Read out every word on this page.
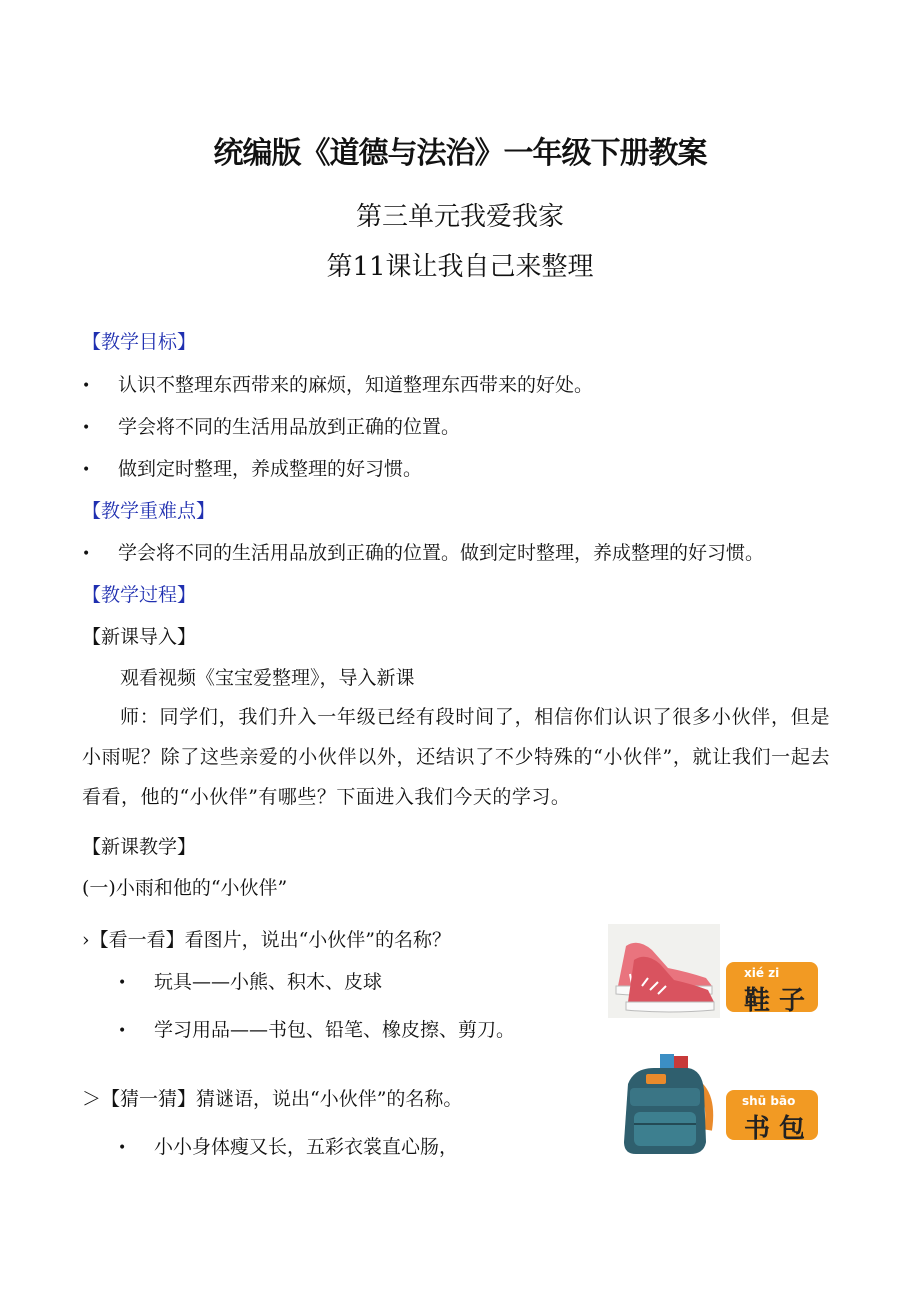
统编版《道德与法治》一年级下册教案
第三单元我爱我家
第11课让我自己来整理
【教学目标】
• 认识不整理东西带来的麻烦，知道整理东西带来的好处。
• 学会将不同的生活用品放到正确的位置。
• 做到定时整理，养成整理的好习惯。
【教学重难点】
• 学会将不同的生活用品放到正确的位置。做到定时整理，养成整理的好习惯。
【教学过程】
【新课导入】
观看视频《宝宝爱整理》，导入新课
师：同学们，我们升入一年级已经有段时间了，相信你们认识了很多小伙伴，但是小雨呢？除了这些亲爱的小伙伴以外，还结识了不少特殊的“小伙伴”，就让我们一起去看看，他的“小伙伴”有哪些？下面进入我们今天的学习。
【新课教学】
(一)小雨和他的“小伙伴”
›【看一看】看图片，说出“小伙伴”的名称？
• 玩具——小熊、积木、皮球
• 学习用品——书包、铅笔、橡皮擦、剪刀。
＞【猜一猜】猜谜语，说出“小伙伴”的名称。
• 小小身体瘦又长，五彩衣裳直心肠，
xié zi
鞋 子
shū bāo
书 包
